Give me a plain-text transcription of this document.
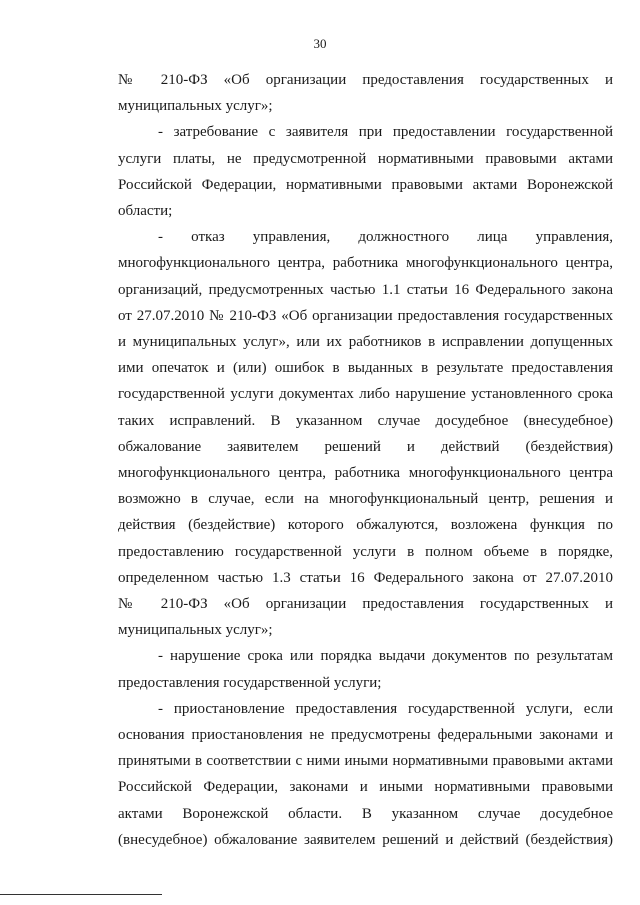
30
№ 210-ФЗ «Об организации предоставления государственных и
муниципальных услуг»;
- затребование с заявителя при предоставлении государственной
услуги платы, не предусмотренной нормативными правовыми актами
Российской Федерации, нормативными правовыми актами Воронежской
области;
- отказ управления, должностного лица управления,
многофункционального центра, работника многофункционального центра,
организаций, предусмотренных частью 1.1 статьи 16 Федерального закона
от 27.07.2010 № 210-ФЗ «Об организации предоставления государственных
и муниципальных услуг», или их работников в исправлении допущенных
ими опечаток и (или) ошибок в выданных в результате предоставления
государственной услуги документах либо нарушение установленного срока
таких исправлений. В указанном случае досудебное (внесудебное)
обжалование заявителем решений и действий (бездействия)
многофункционального центра, работника многофункционального центра
возможно в случае, если на многофункциональный центр, решения и
действия (бездействие) которого обжалуются, возложена функция по
предоставлению государственной услуги в полном объеме в порядке,
определенном частью 1.3 статьи 16 Федерального закона от 27.07.2010
№ 210-ФЗ «Об организации предоставления государственных и
муниципальных услуг»;
- нарушение срока или порядка выдачи документов по результатам
предоставления государственной услуги;
- приостановление предоставления государственной услуги, если
основания приостановления не предусмотрены федеральными законами и
принятыми в соответствии с ними иными нормативными правовыми актами
Российской Федерации, законами и иными нормативными правовыми
актами Воронежской области. В указанном случае досудебное
(внесудебное) обжалование заявителем решений и действий (бездействия)
